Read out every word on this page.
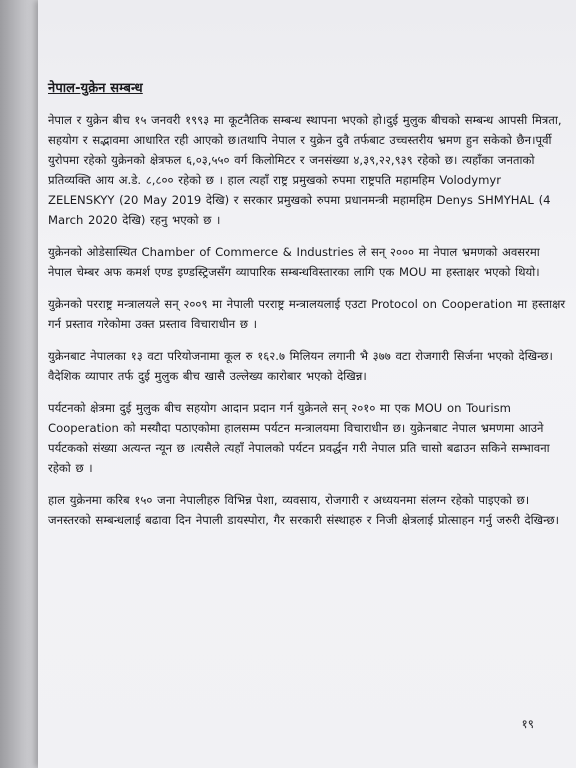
नेपाल-युक्रेन सम्बन्ध

नेपाल र युक्रेन बीच १५ जनवरी १९९३ मा कूटनैतिक सम्बन्ध स्थापना भएको हो।दुई मुलुक बीचको सम्बन्ध आपसी मित्रता, सहयोग र सद्भावमा आधारित रही आएको छ।तथापि नेपाल र युक्रेन दुवै तर्फबाट उच्चस्तरीय भ्रमण हुन सकेको छैन।पूर्वी युरोपमा रहेको युक्रेनको क्षेत्रफल ६,०३,५५० वर्ग किलोमिटर र जनसंख्या ४,३९,२२,९३९ रहेको छ। त्यहाँका जनताको प्रतिव्यक्ति आय अ.डे. ८,८०० रहेको छ । हाल त्यहाँ राष्ट्र प्रमुखको रुपमा राष्ट्रपति महामहिम Volodymyr ZELENSKYY (20 May 2019 देखि) र सरकार प्रमुखको रुपमा प्रधानमन्त्री महामहिम Denys SHMYHAL (4 March 2020 देखि) रहनु भएको छ ।

युक्रेनको ओडेसास्थित Chamber of Commerce & Industries ले सन् २००० मा नेपाल भ्रमणको अवसरमा नेपाल चेम्बर अफ कमर्श एण्ड इण्डस्ट्रिजसँग व्यापारिक सम्बन्धविस्तारका लागि एक MOU मा हस्ताक्षर भएको थियो।

युक्रेनको परराष्ट्र मन्त्रालयले सन् २००९ मा नेपाली परराष्ट्र मन्त्रालयलाई एउटा Protocol on Cooperation मा हस्ताक्षर गर्न प्रस्ताव गरेकोमा उक्त प्रस्ताव विचाराधीन छ ।

युक्रेनबाट नेपालका १३ वटा परियोजनामा कूल रु १६२.७ मिलियन लगानी भै ३७७ वटा रोजगारी सिर्जना भएको देखिन्छ।वैदेशिक व्यापार तर्फ दुई मुलुक बीच खासै उल्लेख्य कारोबार भएको देखिन्न।

पर्यटनको क्षेत्रमा दुई मुलुक बीच सहयोग आदान प्रदान गर्न युक्रेनले सन् २०१० मा एक MOU on Tourism Cooperation को मस्यौदा पठाएकोमा हालसम्म पर्यटन मन्त्रालयमा विचाराधीन छ। युक्रेनबाट नेपाल भ्रमणमा आउने पर्यटकको संख्या अत्यन्त न्यून छ ।त्यसैले त्यहाँ नेपालको पर्यटन प्रवर्द्धन गरी नेपाल प्रति चासो बढाउन सकिने सम्भावना रहेको छ ।

हाल युक्रेनमा करिब १५० जना नेपालीहरु विभिन्न पेशा, व्यवसाय, रोजगारी र अध्ययनमा संलग्न रहेको पाइएको छ। जनस्तरको सम्बन्धलाई बढावा दिन नेपाली डायस्पोरा, गैर सरकारी संस्थाहरु र निजी क्षेत्रलाई प्रोत्साहन गर्नु जरुरी देखिन्छ।

१९
